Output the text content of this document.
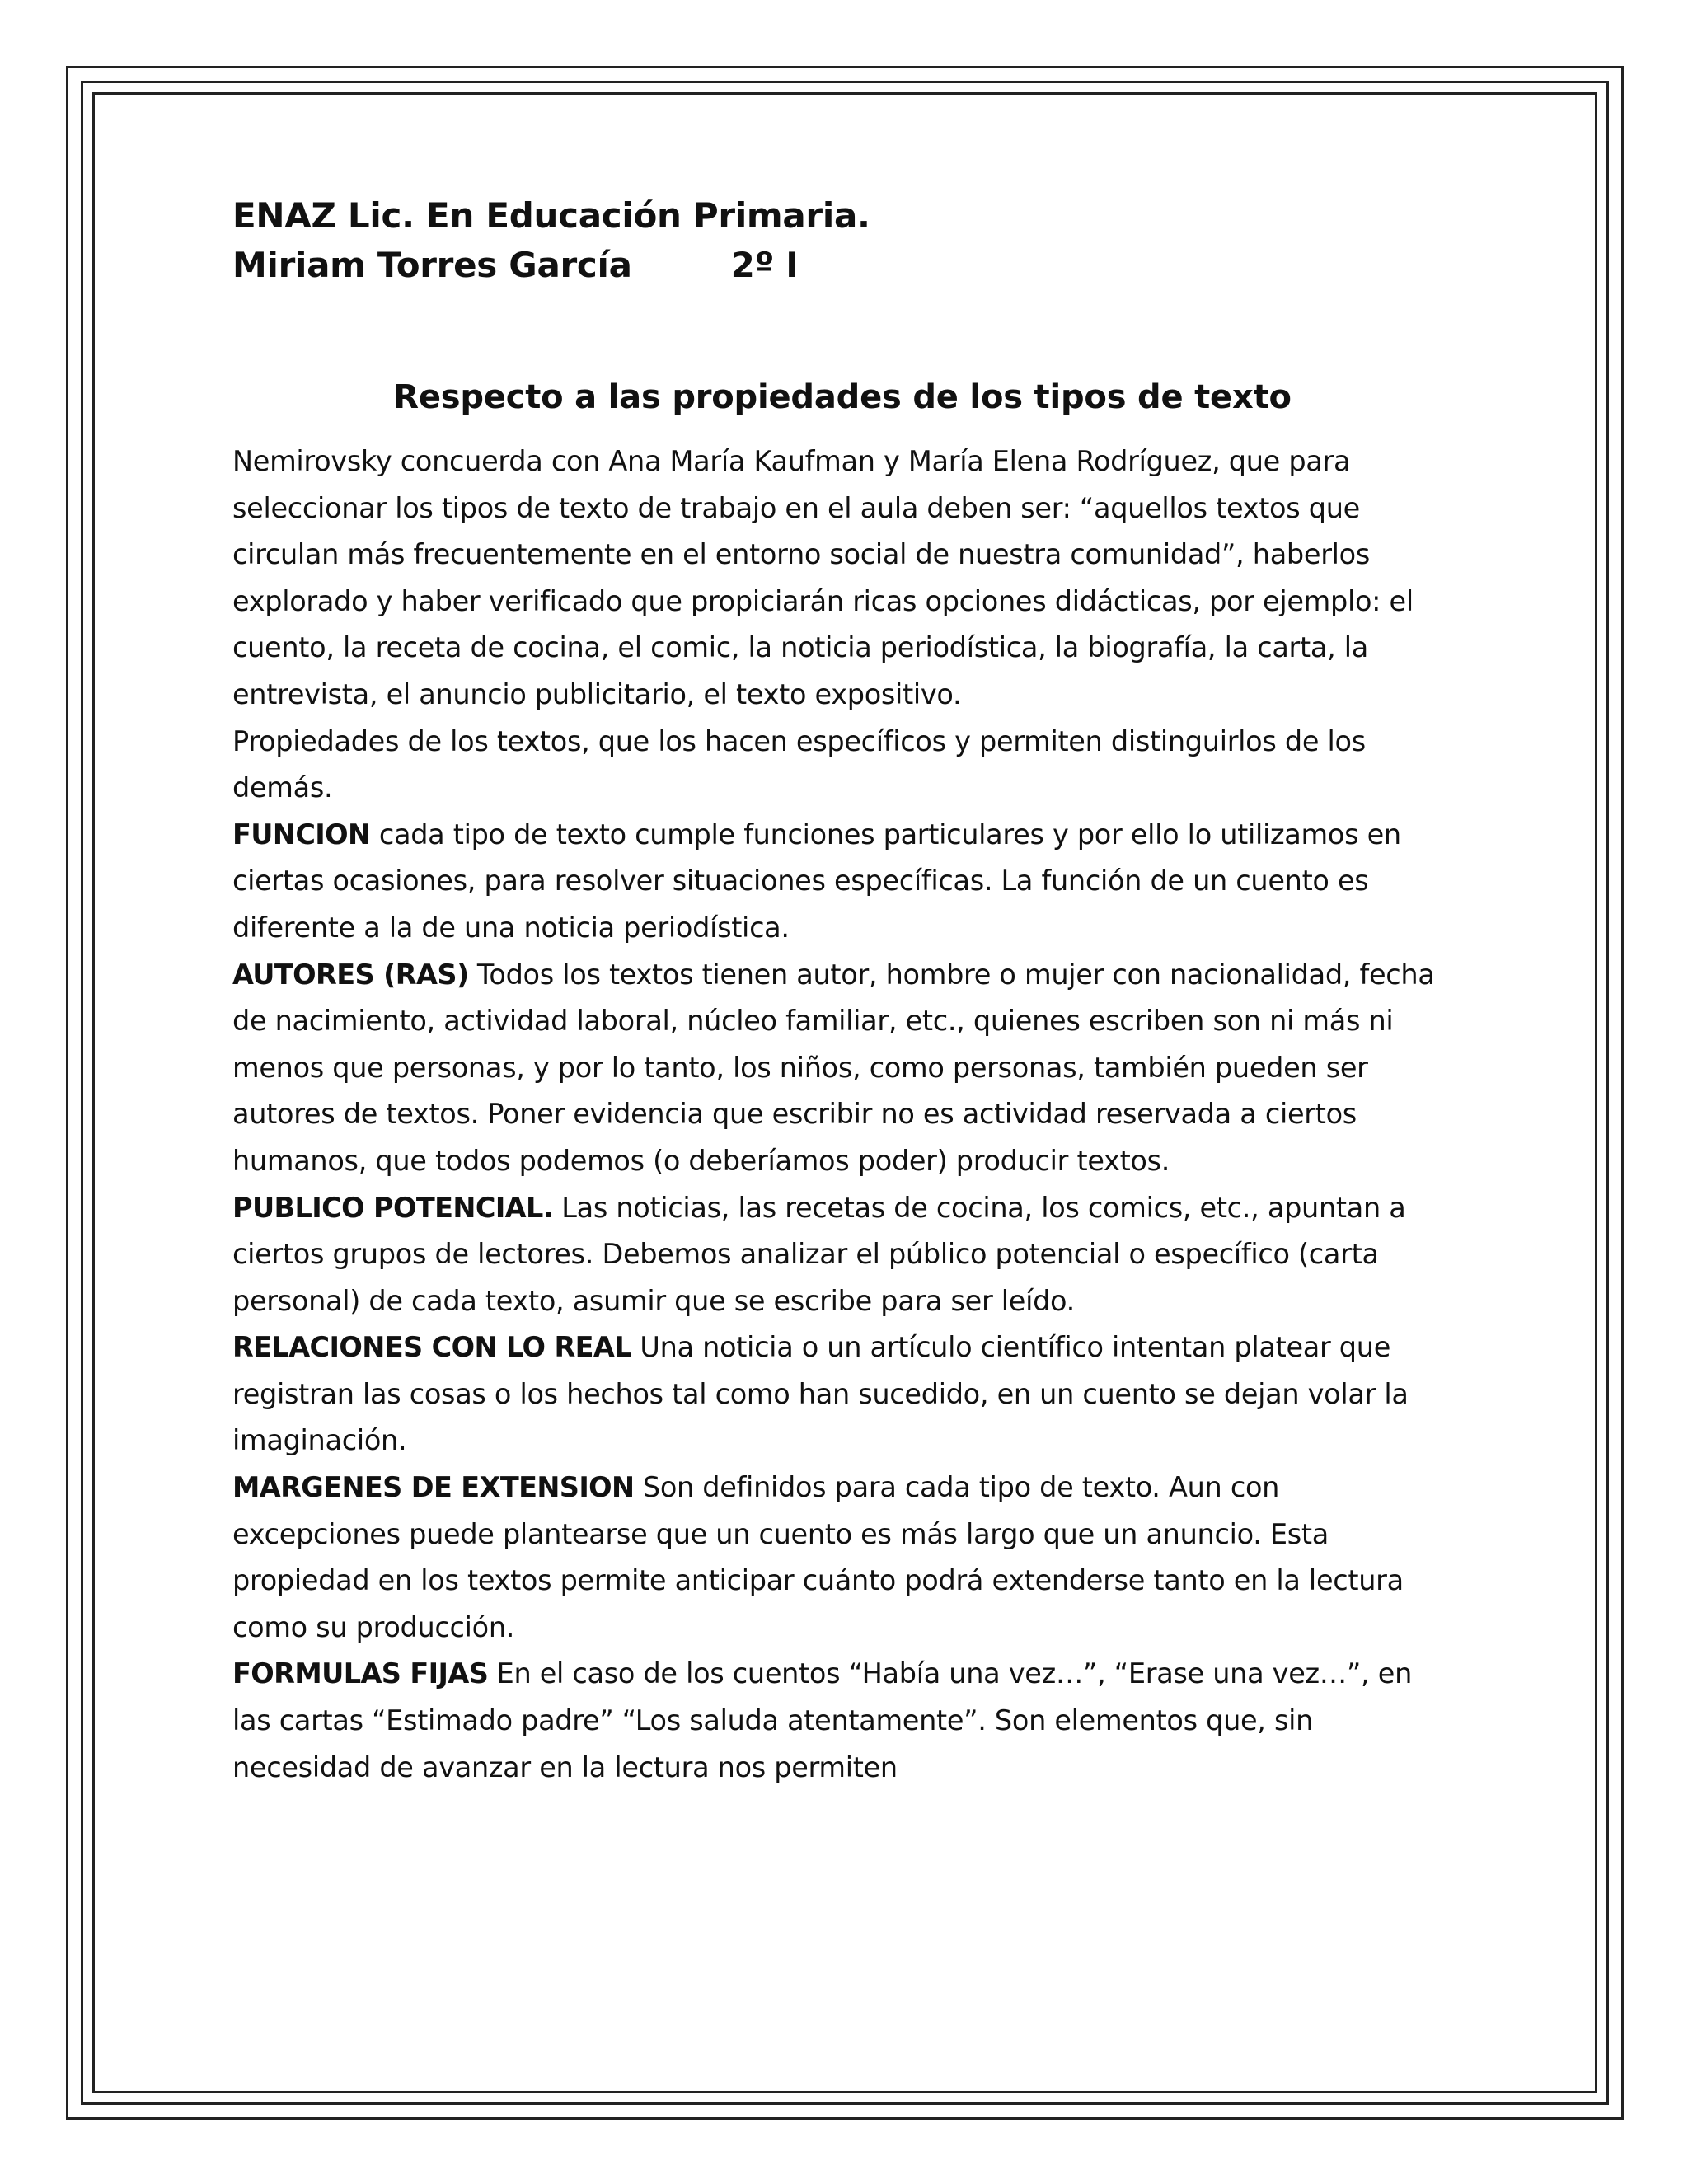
ENAZ Lic. En Educación Primaria.
Miriam Torres García	2º I
Respecto a las propiedades de los tipos de texto

Nemirovsky concuerda con Ana María Kaufman y María Elena Rodríguez, que para seleccionar los tipos de texto de trabajo en el aula deben ser: “aquellos textos que circulan más frecuentemente en el entorno social de nuestra comunidad”, haberlos explorado y haber verificado que propiciarán ricas opciones didácticas, por ejemplo: el cuento, la receta de cocina, el comic, la noticia periodística, la biografía, la carta, la entrevista, el anuncio publicitario, el texto expositivo.

Propiedades de los textos, que los hacen específicos y permiten distinguirlos de los demás.

FUNCION cada tipo de texto cumple funciones particulares y por ello lo utilizamos en ciertas ocasiones, para resolver situaciones específicas. La función de un cuento es diferente a la de una noticia periodística.

AUTORES (RAS) Todos los textos tienen autor, hombre o mujer con nacionalidad, fecha de nacimiento, actividad laboral, núcleo familiar, etc., quienes escriben son ni más ni menos que personas, y por lo tanto, los niños, como personas, también pueden ser autores de textos. Poner evidencia que escribir no es actividad reservada a ciertos humanos, que todos podemos (o deberíamos poder) producir textos.

PUBLICO POTENCIAL. Las noticias, las recetas de cocina, los comics, etc., apuntan a ciertos grupos de lectores. Debemos analizar el público potencial o específico (carta personal) de cada texto, asumir que se escribe para ser leído.

RELACIONES CON LO REAL Una noticia o un artículo científico intentan platear que registran las cosas o los hechos tal como han sucedido, en un cuento se dejan volar la imaginación.

MARGENES DE EXTENSION Son definidos para cada tipo de texto. Aun con excepciones puede plantearse que un cuento es más largo que un anuncio. Esta propiedad en los textos permite anticipar cuánto podrá extenderse tanto en la lectura como su producción.

FORMULAS FIJAS En el caso de los cuentos “Había una vez…”, “Erase una vez…”, en las cartas “Estimado padre” “Los saluda atentamente”. Son elementos que, sin necesidad de avanzar en la lectura nos permiten
